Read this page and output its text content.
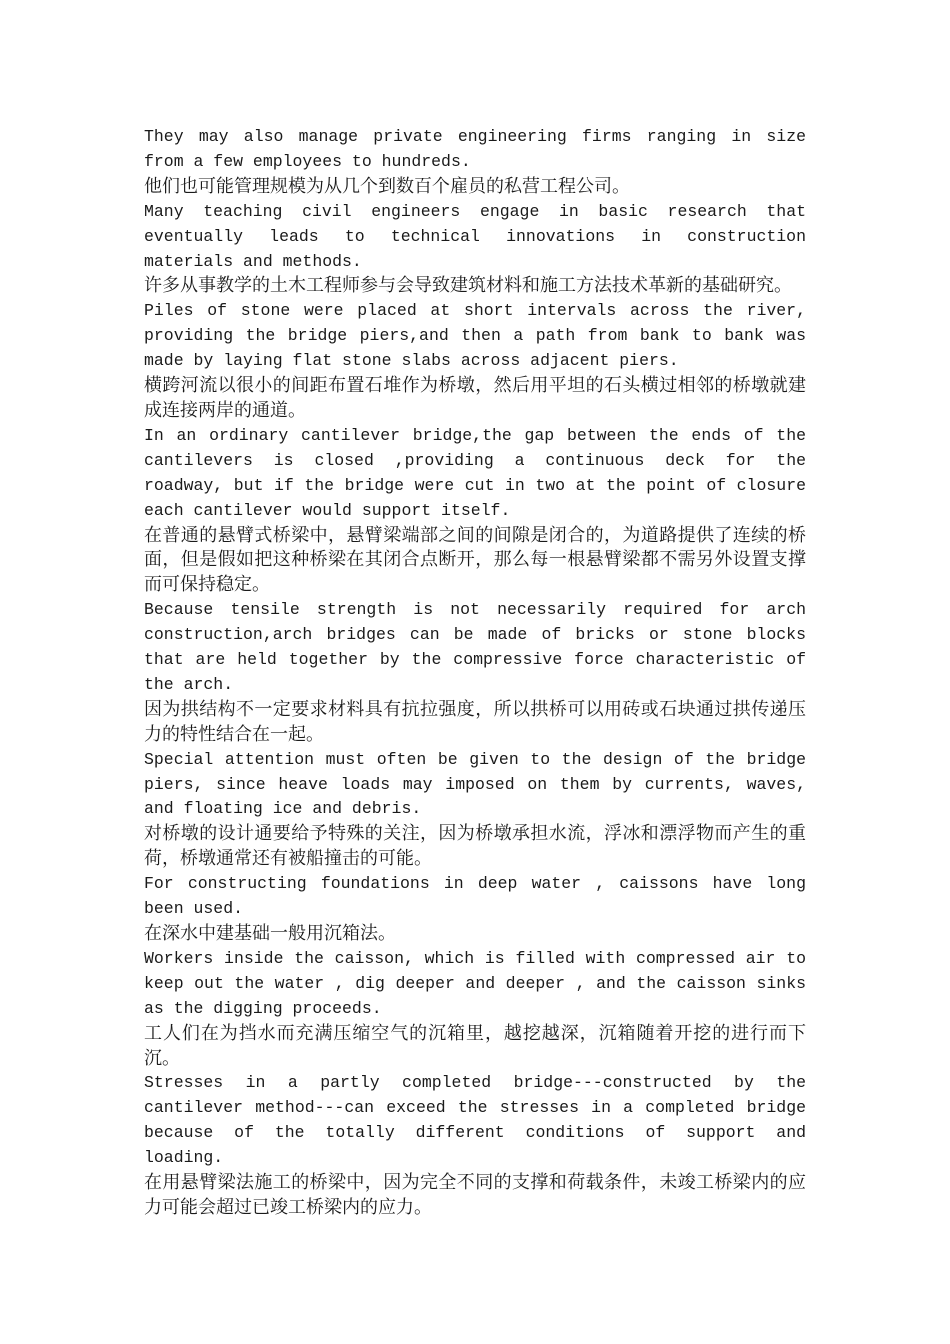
They may also manage private engineering firms ranging in size from a few employees to hundreds.

他们也可能管理规模为从几个到数百个雇员的私营工程公司。

Many teaching civil engineers engage in basic research that eventually leads to technical innovations in construction materials and methods.

许多从事教学的土木工程师参与会导致建筑材料和施工方法技术革新的基础研究。

Piles of stone were placed at short intervals across the river, providing the bridge piers,and then a path from bank to bank was made by laying flat stone slabs across adjacent piers.

横跨河流以很小的间距布置石堆作为桥墩，然后用平坦的石头横过相邻的桥墩就建成连接两岸的通道。

In an ordinary cantilever bridge,the gap between the ends of the cantilevers is closed ,providing a continuous deck for the roadway, but if the bridge were cut in two at the point of closure each cantilever would support itself.

在普通的悬臂式桥梁中，悬臂梁端部之间的间隙是闭合的，为道路提供了连续的桥面，但是假如把这种桥梁在其闭合点断开，那么每一根悬臂梁都不需另外设置支撑而可保持稳定。

Because tensile strength is not necessarily required for arch construction,arch bridges can be made of bricks or stone blocks that are held together by the compressive force characteristic of the arch.

因为拱结构不一定要求材料具有抗拉强度，所以拱桥可以用砖或石块通过拱传递压力的特性结合在一起。

Special attention must often be given to the design of the bridge piers, since heave loads may imposed on them by currents, waves, and floating ice and debris.

对桥墩的设计通要给予特殊的关注，因为桥墩承担水流，浮冰和漂浮物而产生的重荷，桥墩通常还有被船撞击的可能。

For constructing foundations in deep water , caissons have long been used.

在深水中建基础一般用沉箱法。

Workers inside the caisson, which is filled with compressed air to keep out the water , dig deeper and deeper , and the caisson sinks as the digging proceeds.

工人们在为挡水而充满压缩空气的沉箱里，越挖越深，沉箱随着开挖的进行而下沉。

Stresses in a partly completed bridge---constructed by the cantilever method---can exceed the stresses in a completed bridge because of the totally different conditions of support and loading.

在用悬臂梁法施工的桥梁中，因为完全不同的支撑和荷载条件，未竣工桥梁内的应力可能会超过已竣工桥梁内的应力。
